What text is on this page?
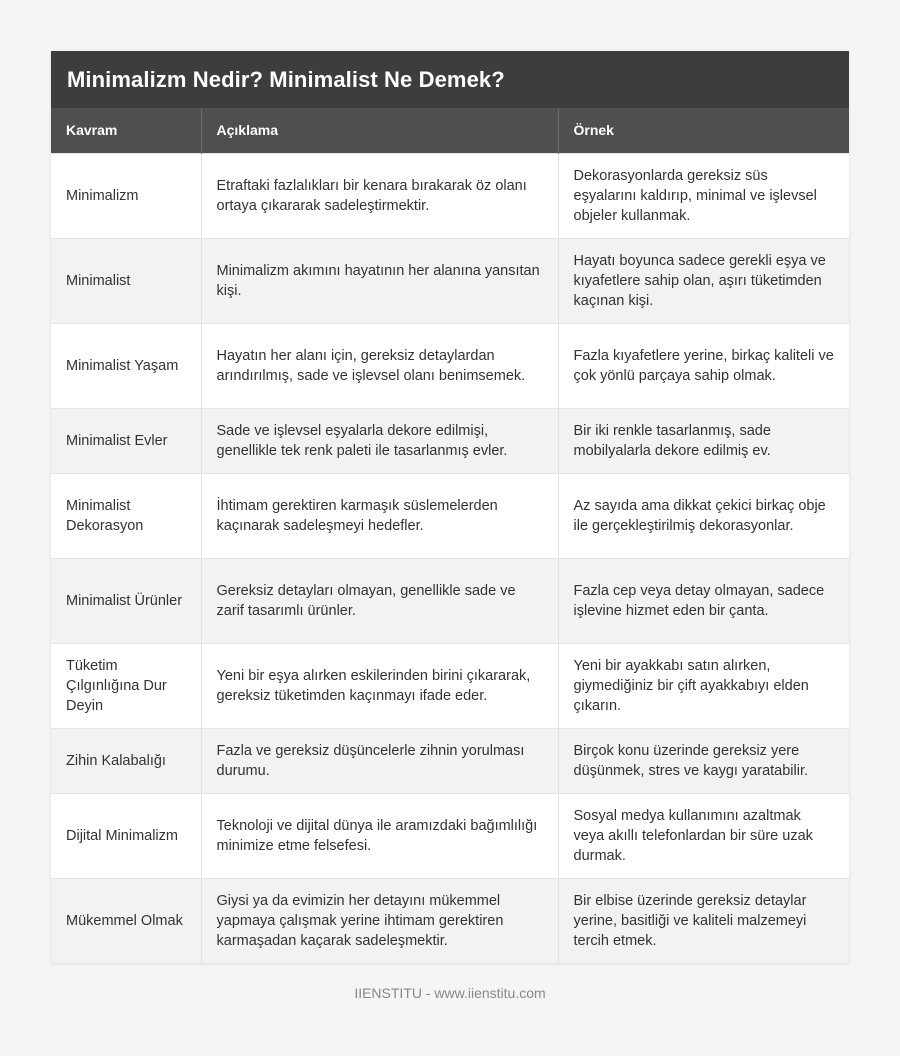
Minimalizm Nedir? Minimalist Ne Demek?
Kavram	Açıklama	Örnek
Minimalizm	Etraftaki fazlalıkları bir kenara bırakarak öz olanı ortaya çıkararak sadeleştirmektir.	Dekorasyonlarda gereksiz süs eşyalarını kaldırıp, minimal ve işlevsel objeler kullanmak.
Minimalist	Minimalizm akımını hayatının her alanına yansıtan kişi.	Hayatı boyunca sadece gerekli eşya ve kıyafetlere sahip olan, aşırı tüketimden kaçınan kişi.
Minimalist Yaşam	Hayatın her alanı için, gereksiz detaylardan arındırılmış, sade ve işlevsel olanı benimsemek.	Fazla kıyafetlere yerine, birkaç kaliteli ve çok yönlü parçaya sahip olmak.
Minimalist Evler	Sade ve işlevsel eşyalarla dekore edilmişi, genellikle tek renk paleti ile tasarlanmış evler.	Bir iki renkle tasarlanmış, sade mobilyalarla dekore edilmiş ev.
Minimalist Dekorasyon	İhtimam gerektiren karmaşık süslemelerden kaçınarak sadeleşmeyi hedefler.	Az sayıda ama dikkat çekici birkaç obje ile gerçekleştirilmiş dekorasyonlar.
Minimalist Ürünler	Gereksiz detayları olmayan, genellikle sade ve zarif tasarımlı ürünler.	Fazla cep veya detay olmayan, sadece işlevine hizmet eden bir çanta.
Tüketim Çılgınlığına Dur Deyin	Yeni bir eşya alırken eskilerinden birini çıkararak, gereksiz tüketimden kaçınmayı ifade eder.	Yeni bir ayakkabı satın alırken, giymediğiniz bir çift ayakkabıyı elden çıkarın.
Zihin Kalabalığı	Fazla ve gereksiz düşüncelerle zihnin yorulması durumu.	Birçok konu üzerinde gereksiz yere düşünmek, stres ve kaygı yaratabilir.
Dijital Minimalizm	Teknoloji ve dijital dünya ile aramızdaki bağımlılığı minimize etme felsefesi.	Sosyal medya kullanımını azaltmak veya akıllı telefonlardan bir süre uzak durmak.
Mükemmel Olmak	Giysi ya da evimizin her detayını mükemmel yapmaya çalışmak yerine ihtimam gerektiren karmaşadan kaçarak sadeleşmektir.	Bir elbise üzerinde gereksiz detaylar yerine, basitliği ve kaliteli malzemeyi tercih etmek.
IIENSTITU - www.iienstitu.com
